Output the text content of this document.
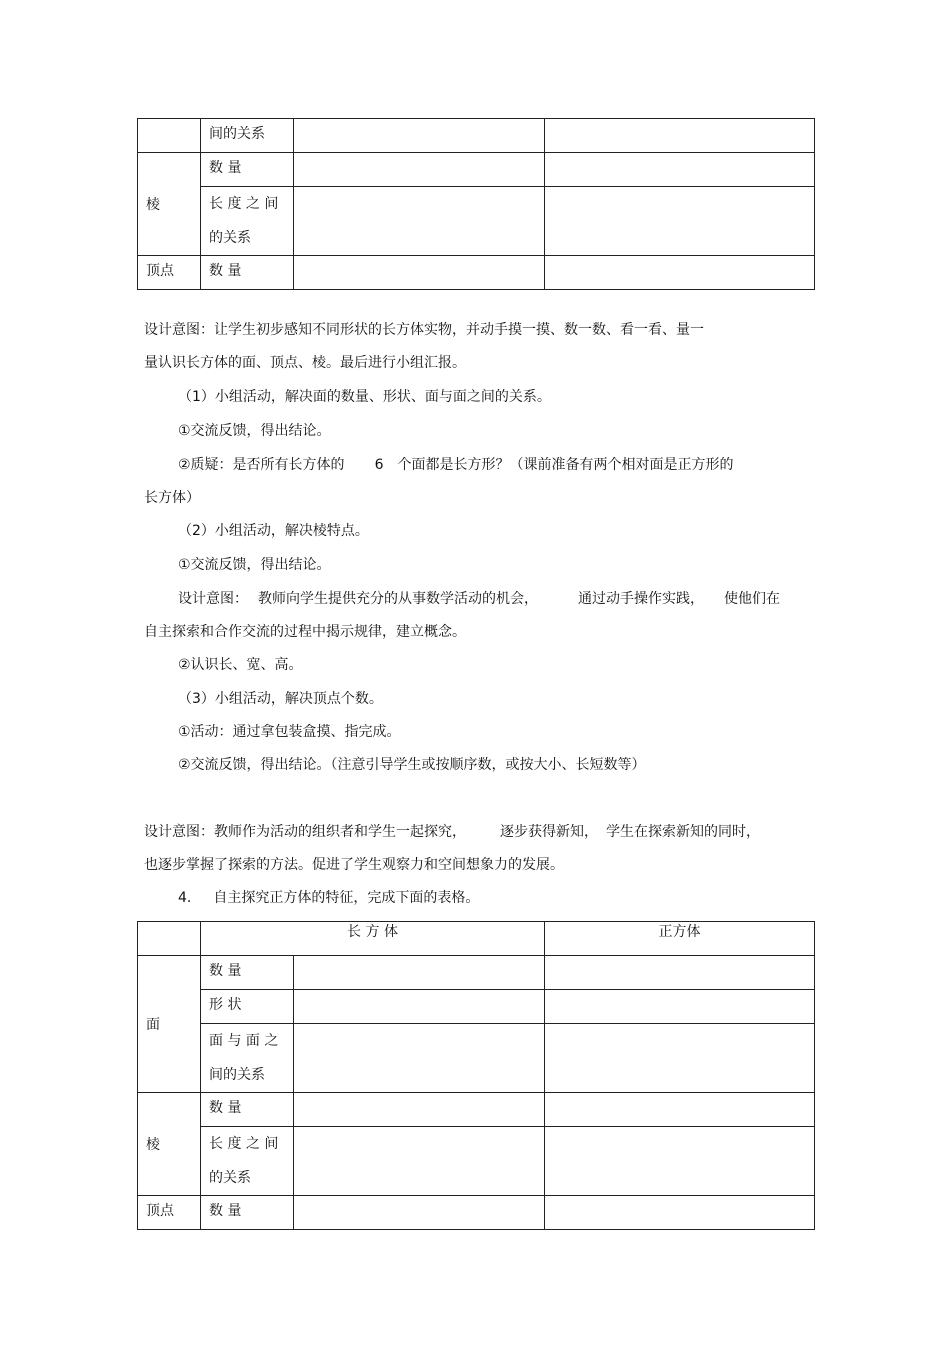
	间的关系		
棱	数 量		

	长 度 之 间
的关系		

顶点	数 量		
设计意图：让学生初步感知不同形状的长方体实物，并动手摸一摸、数一数、看一看、量一
量认识长方体的面、顶点、棱。最后进行小组汇报。
（1）小组活动，解决面的数量、形状、面与面之间的关系。
①交流反馈，得出结论。
②质疑：是否所有长方体的 6 个面都是长方形？（课前准备有两个相对面是正方形的
长方体）
（2）小组活动，解决棱特点。
①交流反馈，得出结论。
设计意图： 教师向学生提供充分的从事数学活动的机会，	通过动手操作实践， 使他们在
自主探索和合作交流的过程中揭示规律，建立概念。
②认识长、宽、高。
（3）小组活动，解决顶点个数。
①活动：通过拿包装盒摸、指完成。
②交流反馈，得出结论。（注意引导学生或按顺序数，或按大小、长短数等）
设计意图：教师作为活动的组织者和学生一起探究， 逐步获得新知， 学生在探索新知的同时，
也逐步掌握了探索的方法。促进了学生观察力和空间想象力的发展。
4. 自主探究正方体的特征，完成下面的表格。
	长 方 体		正方体
面	数 量		
	形 状		

	面 与 面 之
间的关系		

棱	数 量		

	长 度 之 间
的关系		

顶点	数 量		
